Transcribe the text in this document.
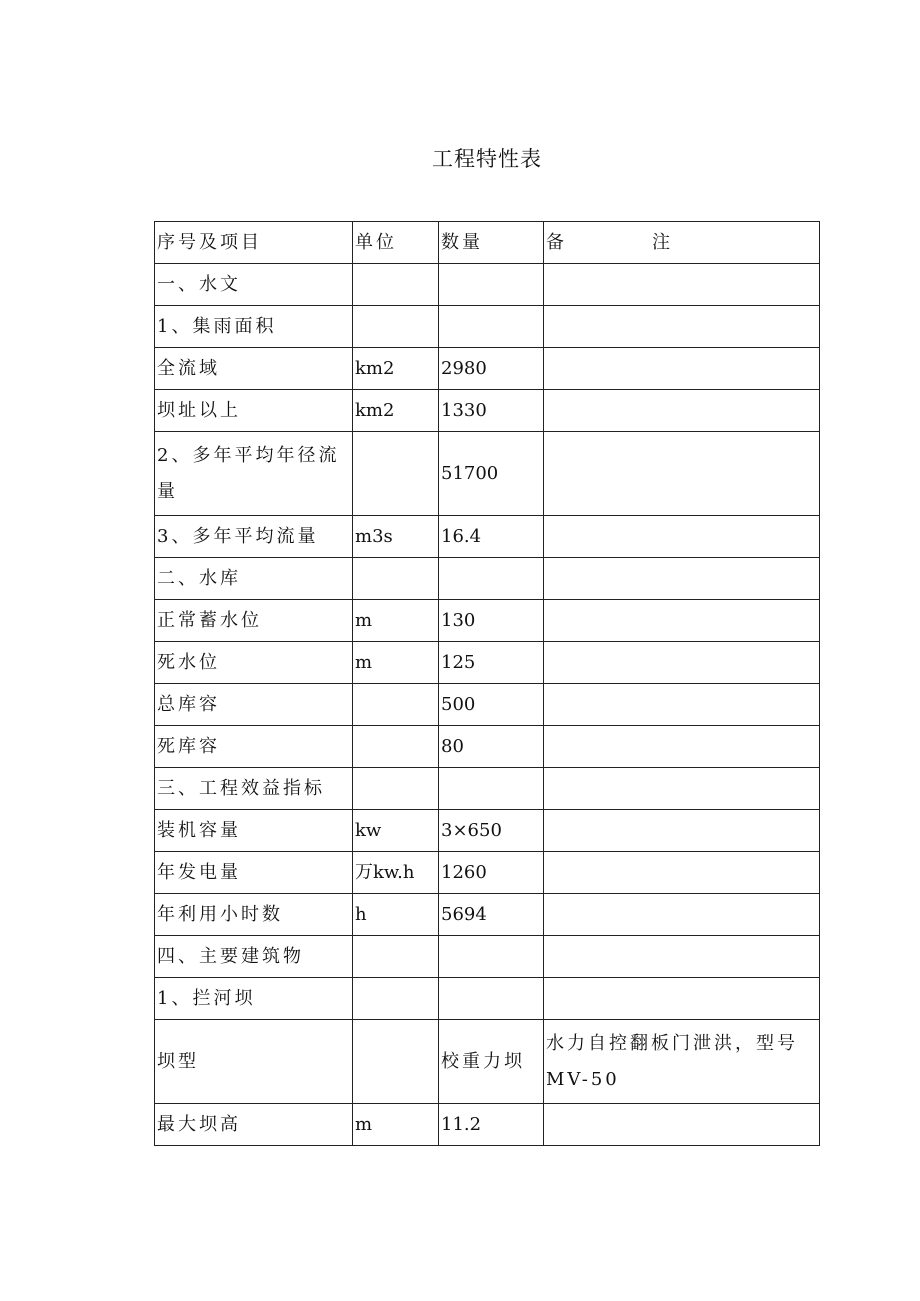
工程特性表
序号及项目	单位	数量	备 注
一、水文			
1、集雨面积			
全流域	km2	2980	
坝址以上	km2	1330	
2、多年平均年径流量		51700	
3、多年平均流量	m3s	16.4	
二、水库			
正常蓄水位	m	130	
死水位	m	125	
总库容		500	
死库容		80	
三、工程效益指标			
装机容量	kw	3×650	
年发电量	万kw.h	1260	
年利用小时数	h	5694	
四、主要建筑物			
1、拦河坝			
坝型		校重力坝	水力自控翻板门泄洪，型号MV-50
最大坝高	m	11.2	
